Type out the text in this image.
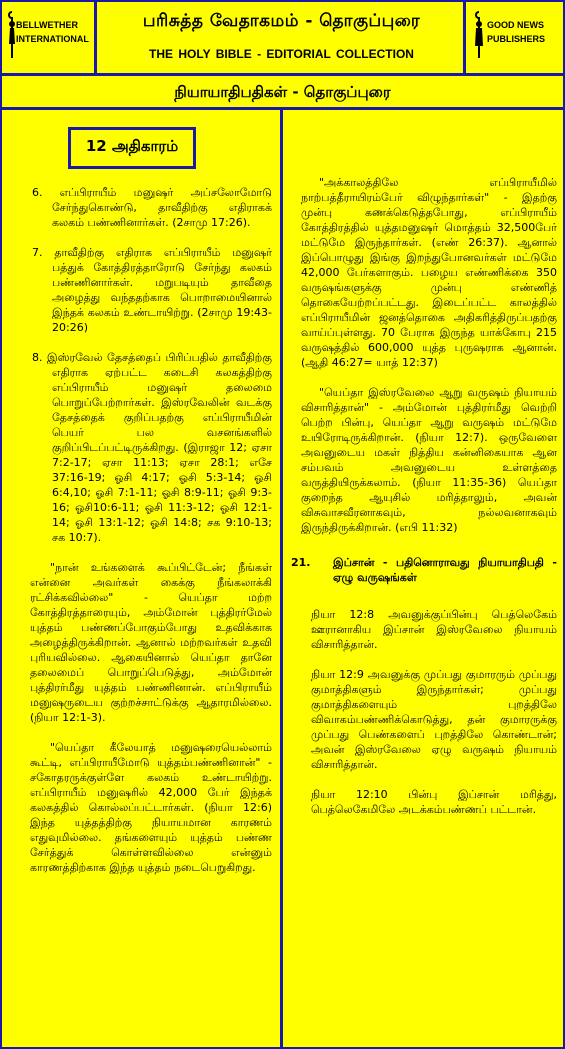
BELLWETHER
INTERNATIONAL
பரிசுத்த வேதாகமம் - தொகுப்புரை
THE HOLY BIBLE - EDITORIAL COLLECTION
GOOD NEWS
PUBLISHERS
நியாயாதிபதிகள் - தொகுப்புரை
12 அதிகாரம்

6. எப்பிராயீம் மனுஷர் அப்சலோமோடு சேர்ந்துகொண்டு, தாவீதிற்கு எதிராகக் கலகம் பண்ணினார்கள். (2சாமு 17:26).

7. தாவீதிற்கு எதிராக எப்பிராயீம் மனுஷர் பத்துக் கோத்திரத்தாரோடு சேர்ந்து கலகம் பண்ணினார்கள். மறுபடியும் தாவீதை அழைத்து வந்ததற்காக பொறாமையினால் இந்தக் கலகம் உண்டாயிற்று. (2சாமு 19:43-20:26)

8. இஸ்ரவேல் தேசத்தைப் பிரிப்பதில் தாவீதிற்கு எதிராக ஏற்பட்ட கடைசி கலகத்திற்கு எப்பிராயீம் மனுஷர் தலைமை பொறுப்பேற்றார்கள். இஸ்ரவேலின் வடக்கு தேசத்தைக் குறிப்பதற்கு எப்பிராயீமின் பெயர் பல வசனங்களில் குறிப்பிடப்பட்டிருக்கிறது. (இராஜா 12; ஏசா 7:2-17; ஏசா 11:13; ஏசா 28:1; எசே 37:16-19; ஓசி 4:17; ஓசி 5:3-14; ஓசி 6:4,10; ஓசி 7:1-11; ஓசி 8:9-11; ஓசி 9:3-16; ஓசி10:6-11; ஓசி 11:3-12; ஓசி 12:1-14; ஓசி 13:1-12; ஓசி 14:8; சக 9:10-13; சக 10:7).

"நான் உங்களைக் கூப்பிட்டேன்; நீங்கள் என்னை அவர்கள் கைக்கு நீங்கலாக்கி ரட்சிக்கவில்லை" - யெப்தா மற்ற கோத்திரத்தாரையும், அம்மோன் புத்திரர்மேல் யுத்தம் பண்ணப்போகும்போது உதவிக்காக அழைத்திருக்கிறான். ஆனால் மற்றவர்கள் உதவி புரியவில்லை. ஆகையினால் யெப்தா தானே தலைமைப் பொறுப்பெடுத்து, அம்மோன் புத்திரர்மீது யுத்தம் பண்ணினான். எப்பிராயீம் மனுஷருடைய குற்றச்சாட்டுக்கு ஆதாரமில்லை. (நியா 12:1-3).

"யெப்தா கீலேயாத் மனுஷரையெல்லாம் கூட்டி, எப்பிராயீமோடு யுத்தம்பண்ணினான்" - சகோதரருக்குள்ளே கலகம் உண்டாயிற்று. எப்பிராயீம் மனுஷரில் 42,000 பேர் இந்தக் கலகத்தில் கொல்லப்பட்டார்கள். (நியா 12:6) இந்த யுத்தத்திற்கு நியாயமான காரணம் எதுவுமில்லை. தங்களையும் யுத்தம் பண்ண சேர்த்துக் கொள்ளவில்லை என்னும் காரணத்திற்காக இந்த யுத்தம் நடைபெறுகிறது.

"அக்காலத்திலே எப்பிராயீமில் நாற்பத்தீராயிரம்பேர் விழுந்தார்கள்" - இதற்கு முன்பு கணக்கெடுத்தபோது, எப்பிராயீம் கோத்திரத்தில் யுத்தமனுஷர் மொத்தம் 32,500பேர் மட்டுமே இருந்தார்கள். (எண் 26:37). ஆனால் இப்பொழுது இங்கு இறந்துபோனவர்கள் மட்டுமே 42,000 பேர்களாகும். பழைய எண்ணிக்கை 350 வருஷங்களுக்கு முன்பு எண்ணித் தொகையேற்றப்பட்டது. இடைப்பட்ட காலத்தில் எப்பிராயீமின் ஜனத்தொகை அதிகரித்திருப்பதற்கு வாய்ப்புள்ளது. 70 பேராக இருந்த யாக்கோபு 215 வருஷத்தில் 600,000 யுத்த புருஷராக ஆனான். (ஆதி 46:27= யாத் 12:37)

"யெப்தா இஸ்ரவேலை ஆறு வருஷம் நியாயம் விசாரித்தான்" - அம்மோன் புத்திரர்மீது வெற்றி பெற்ற பின்பு, யெப்தா ஆறு வருஷம் மட்டுமே உயிரோடிருக்கிறான். (நியா 12:7). ஒருவேளை அவனுடைய மகள் நித்திய கன்னிகையாக ஆன சம்பவம் அவனுடைய உள்ளத்தை வருத்தியிருக்கலாம். (நியா 11:35-36) யெப்தா குறைந்த ஆயுசில் மரித்தாலும், அவன் விசுவாசவீரனாகவும், நல்லவனாகவும் இருந்திருக்கிறான். (எபி 11:32)

21.	இப்சான் - பதினொராவது நியாயாதிபதி - ஏழு வருஷங்கள்

நியா 12:8 அவனுக்குப்பின்பு பெத்லெகேம் ஊரானாகிய இப்சான் இஸ்ரவேலை நியாயம் விசாரித்தான்.

நியா 12:9 அவனுக்கு முப்பது குமாரரும் முப்பது குமாத்திகளும் இருந்தார்கள்; முப்பது குமாத்திகளையும் புறத்திலே விவாகம்பண்ணிக்கொடுத்து, தன் குமாரருக்கு முப்பது பெண்களைப் புறத்திலே கொண்டான்; அவன் இஸ்ரவேலை ஏழு வருஷம் நியாயம் விசாரித்தான்.

நியா 12:10 பின்பு இப்சான் மரித்து, பெத்லெகேமிலே அடக்கம்பண்ணப் பட்டான்.
